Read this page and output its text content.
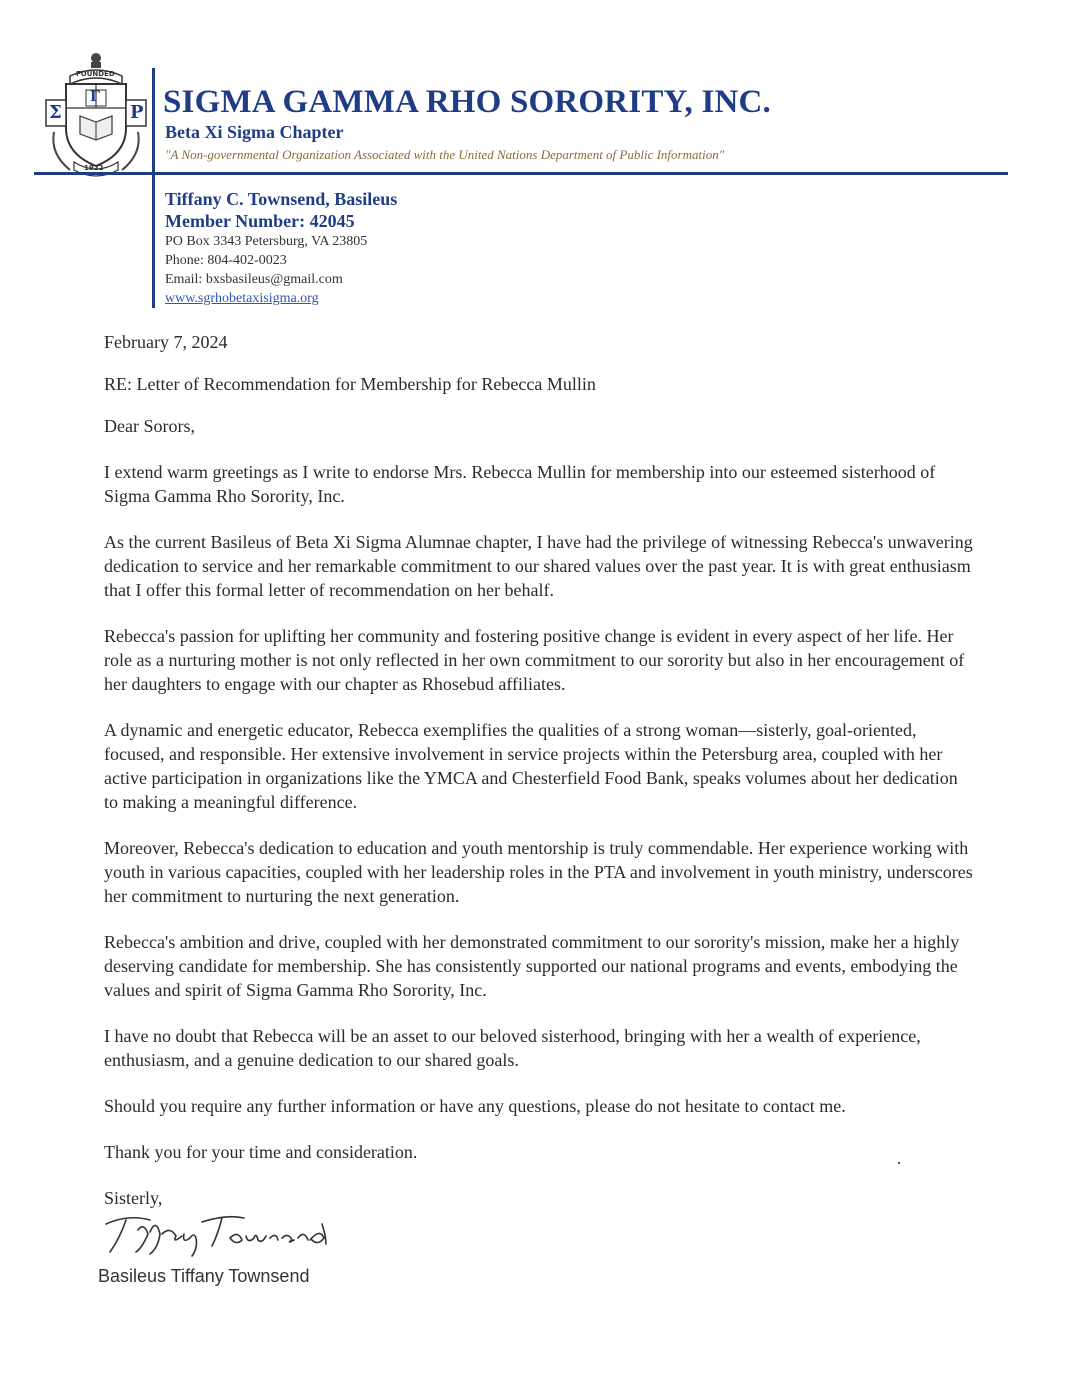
FOUNDED
Σ
Γ
P
1922
SIGMA GAMMA RHO SORORITY, INC.
Beta Xi Sigma Chapter
"A Non-governmental Organization Associated with the United Nations Department of Public Information"
Tiffany C. Townsend, Basileus
Member Number: 42045
PO Box 3343 Petersburg, VA 23805
Phone: 804-402-0023
Email: bxsbasileus@gmail.com
www.sgrhobetaxisigma.org

February 7, 2024

RE: Letter of Recommendation for Membership for Rebecca Mullin

Dear Sorors,

I extend warm greetings as I write to endorse Mrs. Rebecca Mullin for membership into our esteemed sisterhood of Sigma Gamma Rho Sorority, Inc.

As the current Basileus of Beta Xi Sigma Alumnae chapter, I have had the privilege of witnessing Rebecca's unwavering dedication to service and her remarkable commitment to our shared values over the past year. It is with great enthusiasm that I offer this formal letter of recommendation on her behalf.

Rebecca's passion for uplifting her community and fostering positive change is evident in every aspect of her life. Her role as a nurturing mother is not only reflected in her own commitment to our sorority but also in her encouragement of her daughters to engage with our chapter as Rhosebud affiliates.

A dynamic and energetic educator, Rebecca exemplifies the qualities of a strong woman—sisterly, goal-oriented, focused, and responsible. Her extensive involvement in service projects within the Petersburg area, coupled with her active participation in organizations like the YMCA and Chesterfield Food Bank, speaks volumes about her dedication to making a meaningful difference.

Moreover, Rebecca's dedication to education and youth mentorship is truly commendable. Her experience working with youth in various capacities, coupled with her leadership roles in the PTA and involvement in youth ministry, underscores her commitment to nurturing the next generation.

Rebecca's ambition and drive, coupled with her demonstrated commitment to our sorority's mission, make her a highly deserving candidate for membership. She has consistently supported our national programs and events, embodying the values and spirit of Sigma Gamma Rho Sorority, Inc.

I have no doubt that Rebecca will be an asset to our beloved sisterhood, bringing with her a wealth of experience, enthusiasm, and a genuine dedication to our shared goals.

Should you require any further information or have any questions, please do not hesitate to contact me.

Thank you for your time and consideration.

Sisterly,

Basileus Tiffany Townsend
